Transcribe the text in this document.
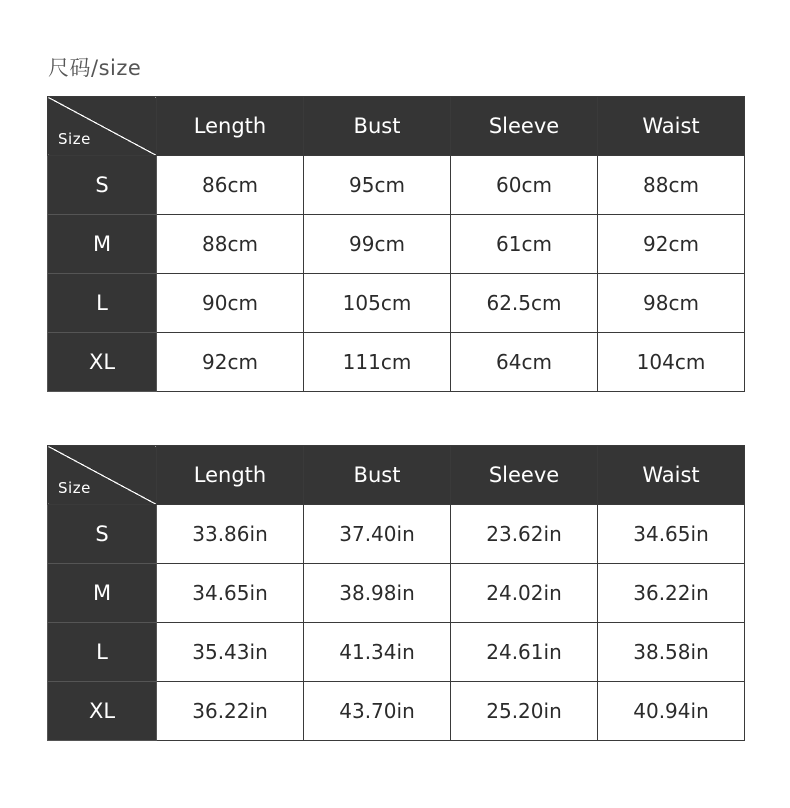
尺码/size
Size	Length	Bust	Sleeve	Waist
S	86cm	95cm	60cm	88cm
M	88cm	99cm	61cm	92cm
L	90cm	105cm	62.5cm	98cm
XL	92cm	111cm	64cm	104cm
Size	Length	Bust	Sleeve	Waist
S	33.86in	37.40in	23.62in	34.65in
M	34.65in	38.98in	24.02in	36.22in
L	35.43in	41.34in	24.61in	38.58in
XL	36.22in	43.70in	25.20in	40.94in
